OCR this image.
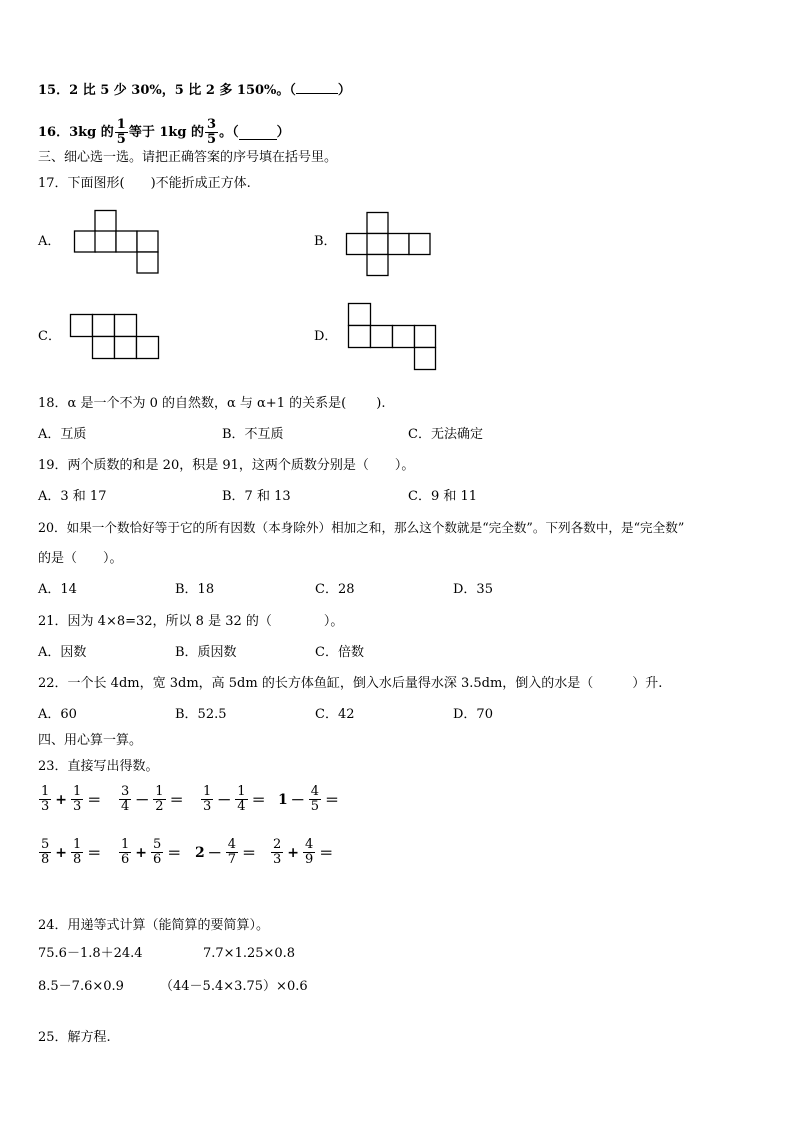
15．2 比 5 少 30%，5 比 2 多 150%。（	）
16．3kg 的 $\frac{1}{5}$ 等于 1kg 的 $\frac{3}{5}$ 。（	）
三、细心选一选。请把正确答案的序号填在括号里。
17．下面图形(　　)不能折成正方体.
A．	B．
C．	D．
18．α 是一个不为 0 的自然数，α 与 α+1 的关系是(　　 ).
A．互质	B．不互质	C．无法确定
19．两个质数的和是 20，积是 91，这两个质数分别是（　　）。
A．3 和 17	B．7 和 13	C．9 和 11
20．如果一个数恰好等于它的所有因数（本身除外）相加之和，那么这个数就是“完全数”。下列各数中，是“完全数”
的是（　　）。
A．14	B．18	C．28	D．35
21．因为 4×8=32，所以 8 是 32 的（　　　　）。
A．因数	B．质因数	C．倍数
22．一个长 4dm，宽 3dm，高 5dm 的长方体鱼缸，倒入水后量得水深 3.5dm，倒入的水是（　　　）升.
A．60	B．52.5	C．42	D．70
四、用心算一算。
23．直接写出得数。
$\frac{1}{3} + \frac{1}{3} = \frac{3}{4} - \frac{1}{2} = \frac{1}{3} - \frac{1}{4} = 1 - \frac{4}{5}$ ＝
$\frac{5}{8} + \frac{1}{8} = \frac{1}{6} + \frac{5}{6} = 2 - \frac{4}{7} = \frac{2}{3} + \frac{4}{9}$ ＝
24．用递等式计算（能简算的要简算）。
75.6－1.8＋24.4	7.7×1.25×0.8
8.5－7.6×0.9	（44－5.4×3.75）×0.6
25．解方程.
